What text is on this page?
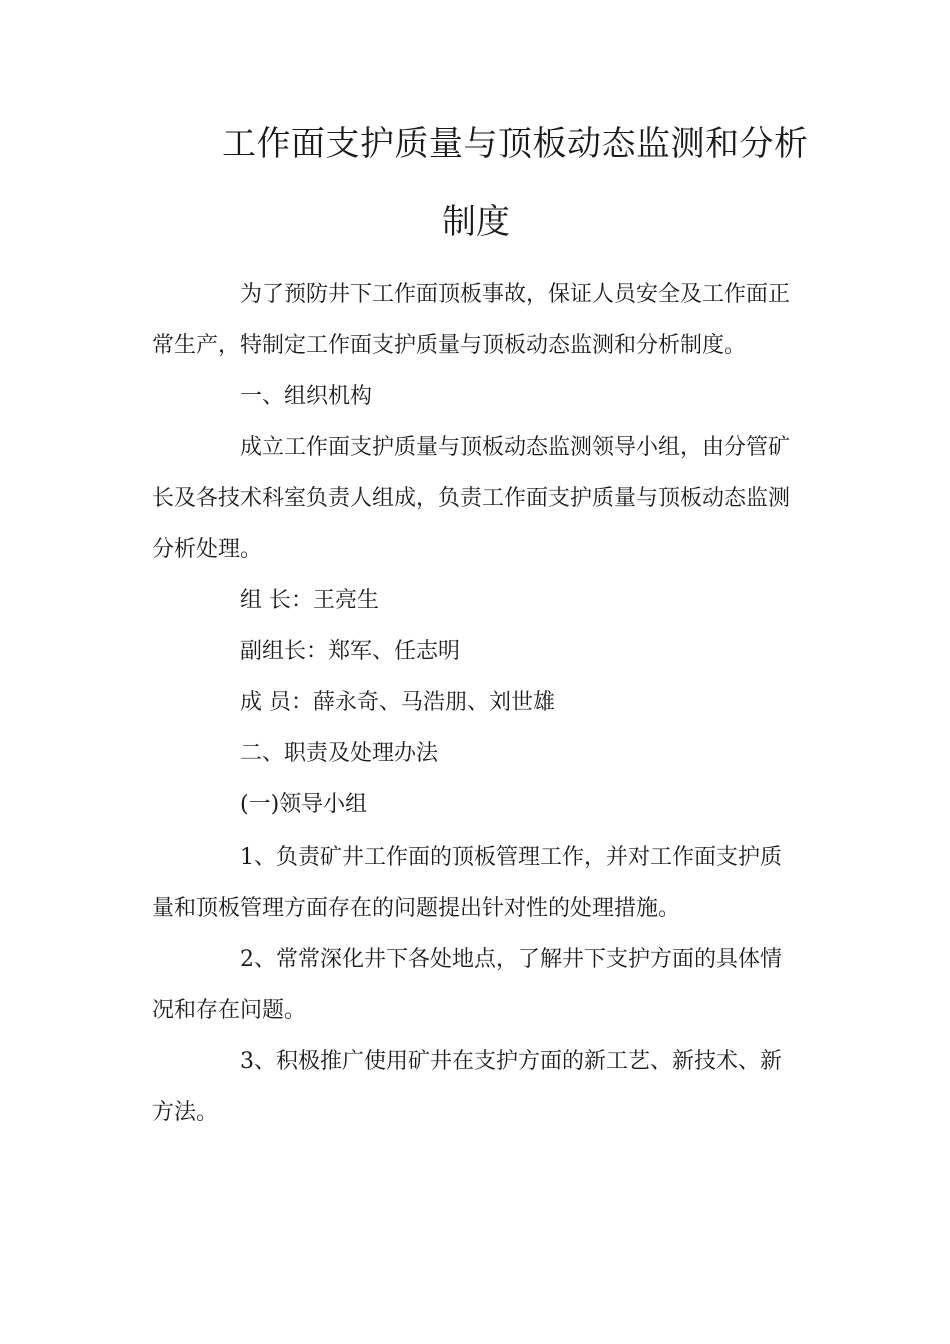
工作面支护质量与顶板动态监测和分析
制度
为了预防井下工作面顶板事故，保证人员安全及工作面正
常生产，特制定工作面支护质量与顶板动态监测和分析制度。
一、组织机构
成立工作面支护质量与顶板动态监测领导小组，由分管矿
长及各技术科室负责人组成，负责工作面支护质量与顶板动态监测
分析处理。
组 长：王亮生
副组长：郑军、任志明
成 员：薛永奇、马浩朋、刘世雄
二、职责及处理办法
(一)领导小组
1、负责矿井工作面的顶板管理工作，并对工作面支护质
量和顶板管理方面存在的问题提出针对性的处理措施。
2、常常深化井下各处地点，了解井下支护方面的具体情
况和存在问题。
3、积极推广使用矿井在支护方面的新工艺、新技术、新
方法。
